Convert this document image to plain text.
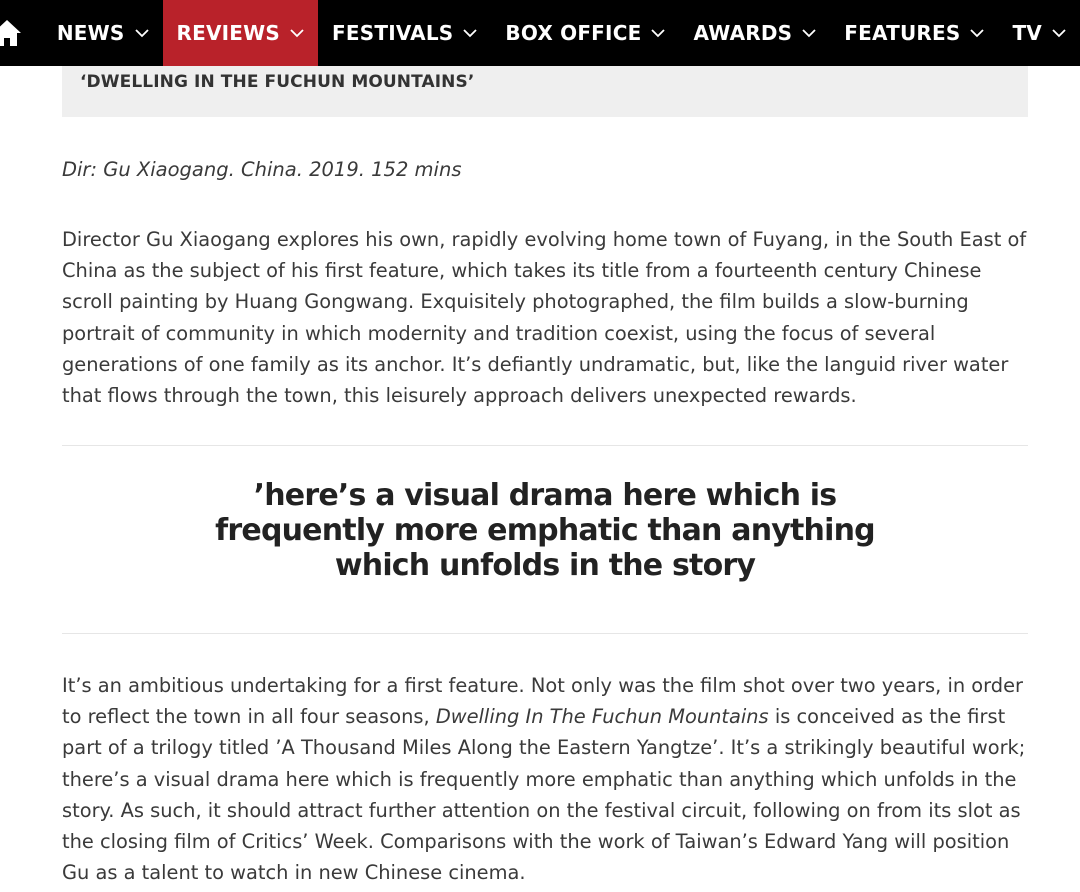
NEWS	REVIEWS	FESTIVALS	BOX OFFICE	AWARDS	FEATURES	TV
‘DWELLING IN THE FUCHUN MOUNTAINS’
Dir: Gu Xiaogang. China. 2019. 152 mins

Director Gu Xiaogang explores his own, rapidly evolving home town of Fuyang, in the South East of China as the subject of his first feature, which takes its title from a fourteenth century Chinese scroll painting by Huang Gongwang. Exquisitely photographed, the film builds a slow-burning portrait of community in which modernity and tradition coexist, using the focus of several generations of one family as its anchor. It’s defiantly undramatic, but, like the languid river water that flows through the town, this leisurely approach delivers unexpected rewards.

’here’s a visual drama here which is frequently more emphatic than anything which unfolds in the story

It’s an ambitious undertaking for a first feature. Not only was the film shot over two years, in order to reflect the town in all four seasons, Dwelling In The Fuchun Mountains is conceived as the first part of a trilogy titled ’A Thousand Miles Along the Eastern Yangtze’. It’s a strikingly beautiful work; there’s a visual drama here which is frequently more emphatic than anything which unfolds in the story. As such, it should attract further attention on the festival circuit, following on from its slot as the closing film of Critics’ Week. Comparisons with the work of Taiwan’s Edward Yang will position Gu as a talent to watch in new Chinese cinema.
